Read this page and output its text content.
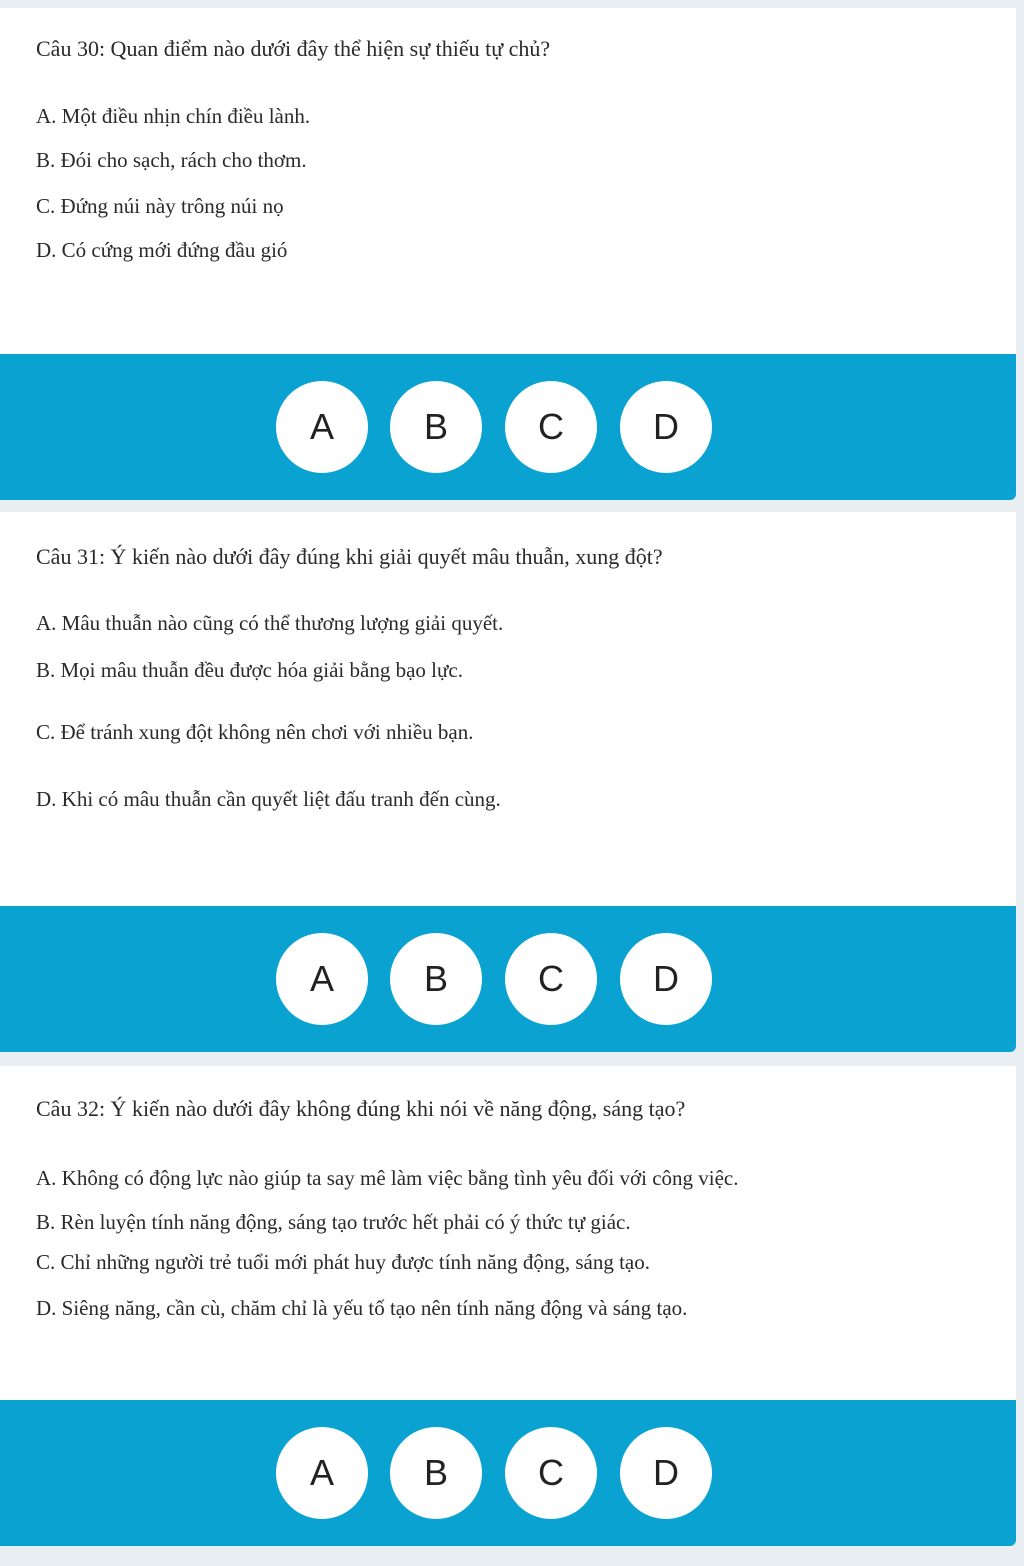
Câu 30: Quan điểm nào dưới đây thể hiện sự thiếu tự chủ?

A. Một điều nhịn chín điều lành.

B. Đói cho sạch, rách cho thơm.

C. Đứng núi này trông núi nọ

D. Có cứng mới đứng đầu gió

A	B	C	D
Câu 31: Ý kiến nào dưới đây đúng khi giải quyết mâu thuẫn, xung đột?

A. Mâu thuẫn nào cũng có thể thương lượng giải quyết.

B. Mọi mâu thuẫn đều được hóa giải bằng bạo lực.

C. Để tránh xung đột không nên chơi với nhiều bạn.

D. Khi có mâu thuẫn cần quyết liệt đấu tranh đến cùng.

A	B	C	D
Câu 32: Ý kiến nào dưới đây không đúng khi nói về năng động, sáng tạo?

A. Không có động lực nào giúp ta say mê làm việc bằng tình yêu đối với công việc.

B. Rèn luyện tính năng động, sáng tạo trước hết phải có ý thức tự giác.

C. Chỉ những người trẻ tuổi mới phát huy được tính năng động, sáng tạo.

D. Siêng năng, cần cù, chăm chỉ là yếu tố tạo nên tính năng động và sáng tạo.

A	B	C	D
